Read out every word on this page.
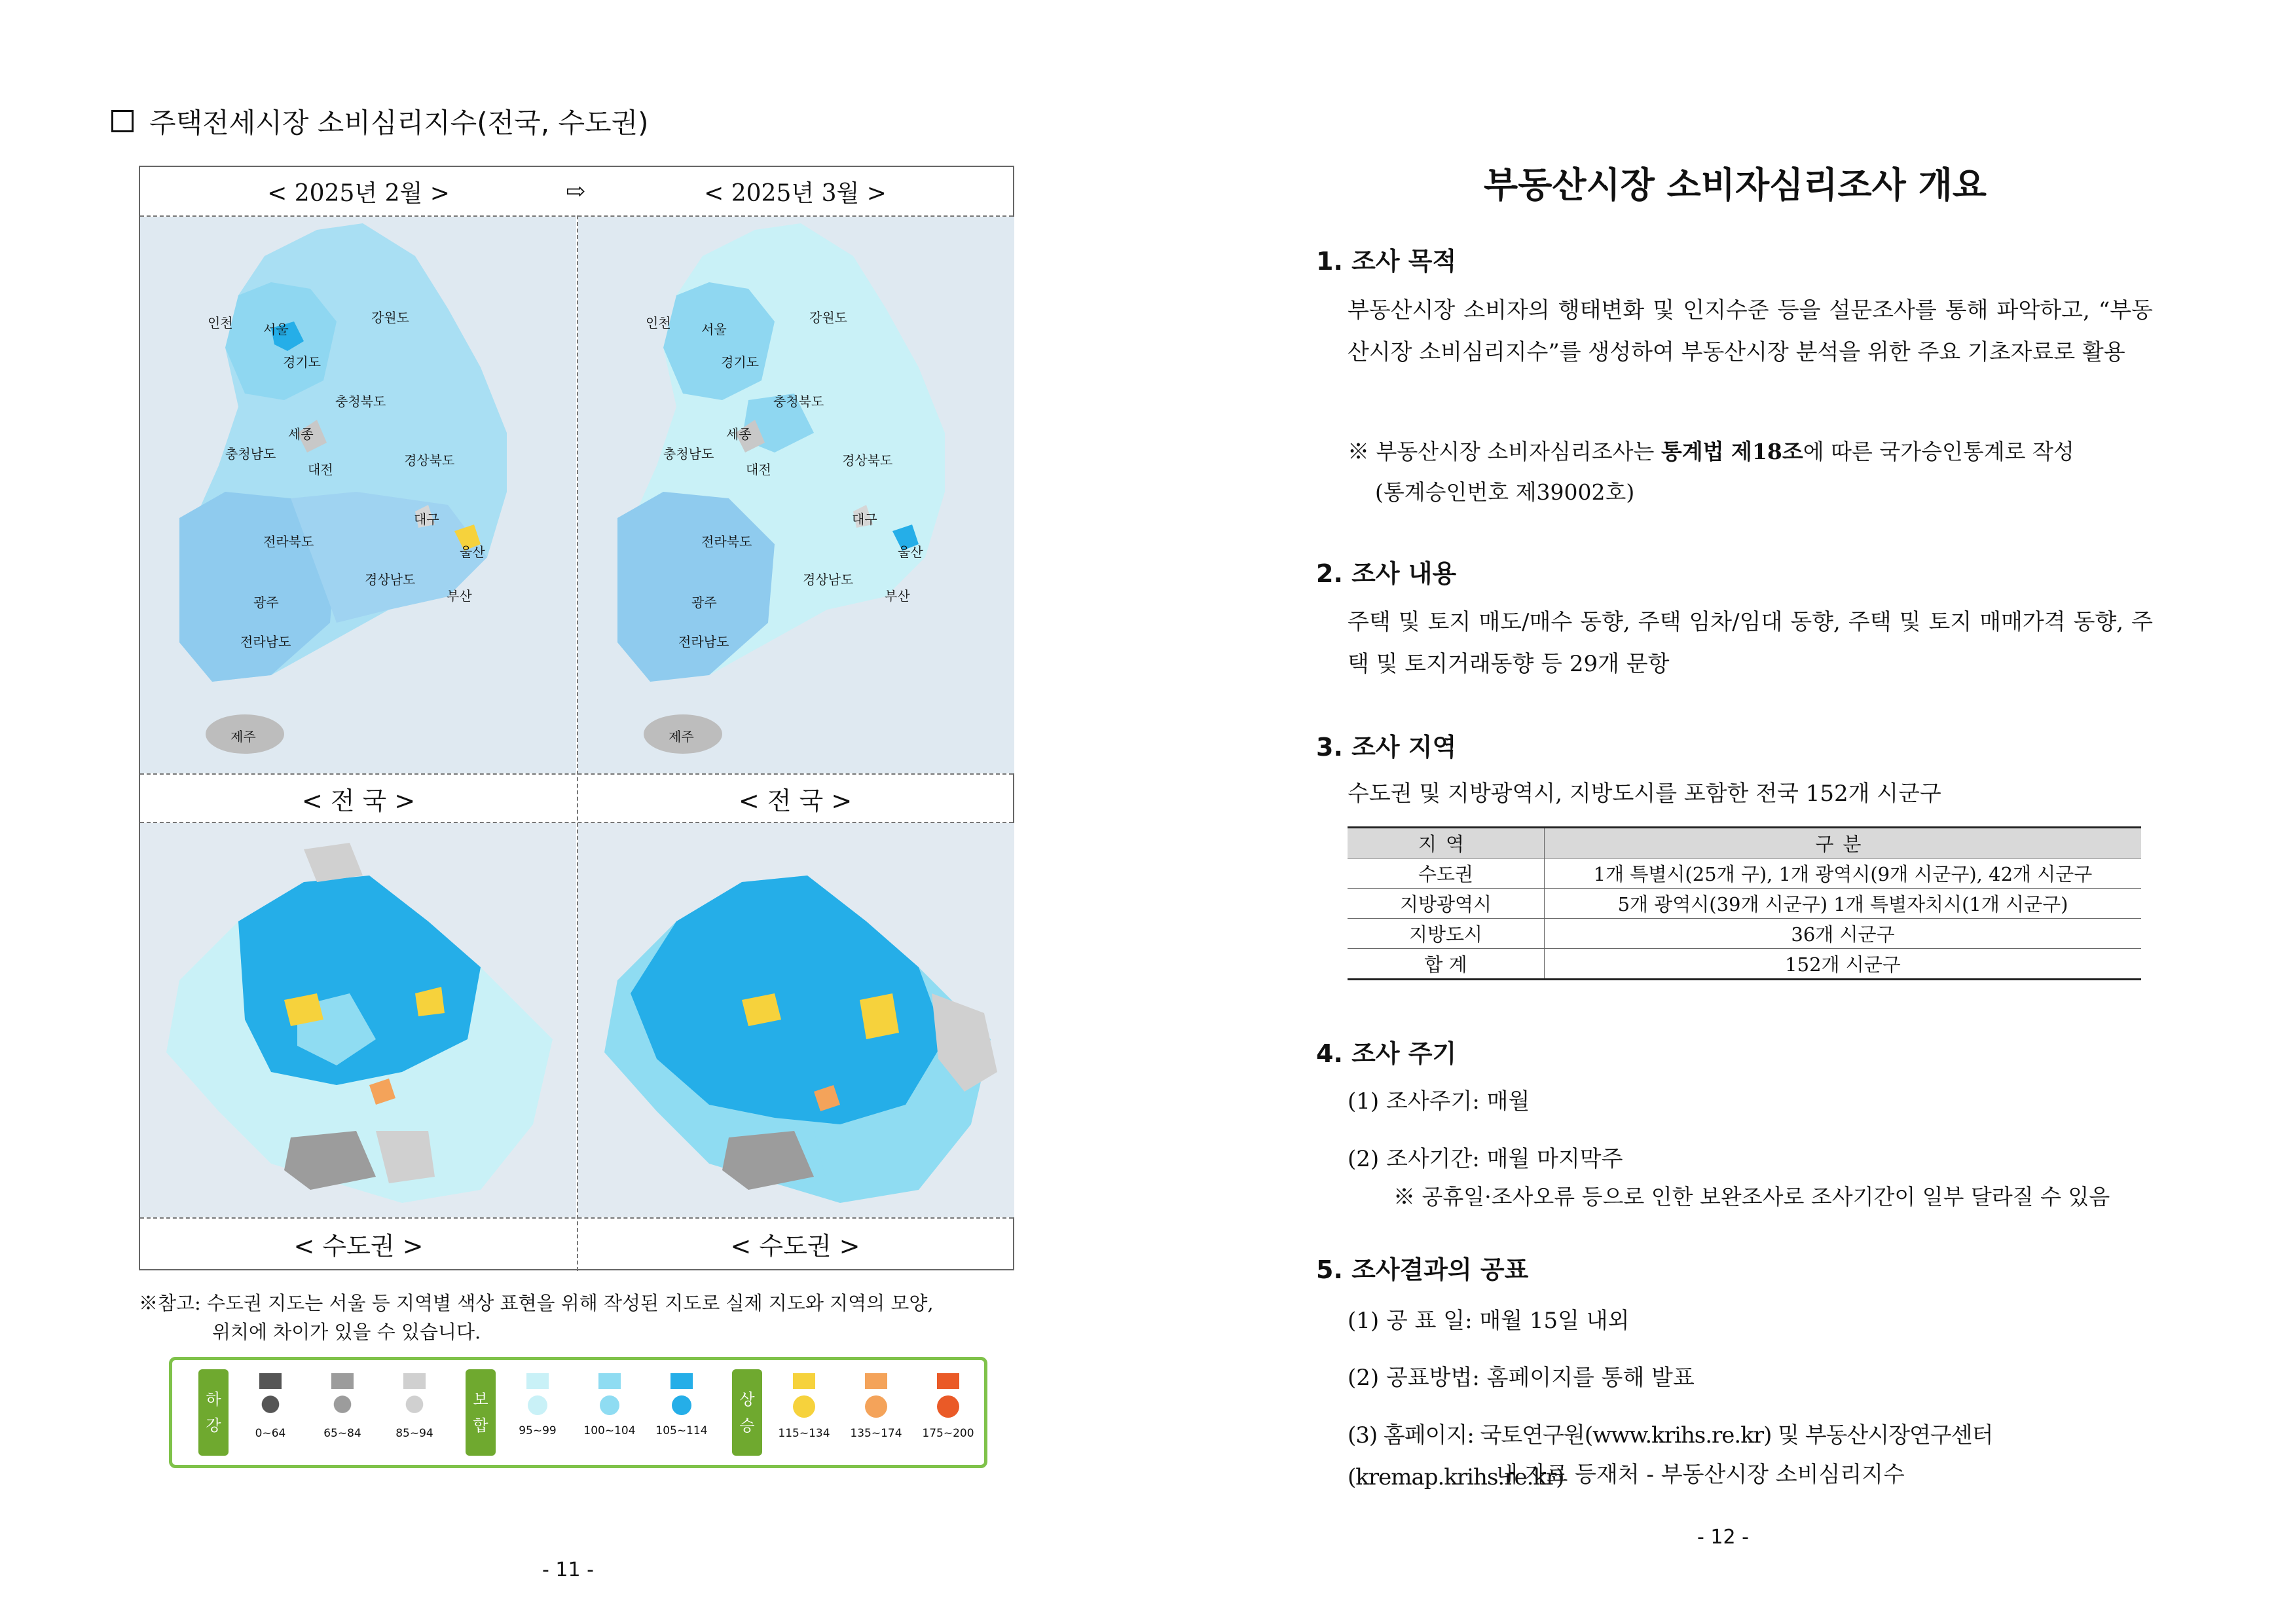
주택전세시장 소비심리지수(전국, 수도권)
< 2025년 2월 >	⇨	< 2025년 3월 >
< 전 국 >	< 전 국 >
< 수도권 >	< 수도권 >
인천 서울
강원도
경기도
충청북도
세종
충청남도
대전
경상북도
대구
전라북도
울산
경상남도
부산
광주
전라남도
제주
인천 서울
강원도
경기도
충청북도
세종
충청남도
대전
경상북도
대구
전라북도
울산
경상남도
부산
광주
전라남도
제주
※참고: 수도권 지도는 서울 등 지역별 색상 표현을 위해 작성된 지도로 실제 지도와 지역의 모양,
위치에 차이가 있을 수 있습니다.
하
강
보
합
상
승
0~64	65~84	85~94	95~99	100~104 105~114	115~134 135~174 175~200
- 11 -
부동산시장 소비자심리조사 개요
1. 조사 목적
부동산시장 소비자의 행태변화 및 인지수준 등을 설문조사를 통해 파악하고, “부동산시장 소비심리지수”를 생성하여 부동산시장 분석을 위한 주요 기초자료로 활용
※ 부동산시장 소비자심리조사는 통계법 제18조에 따른 국가승인통계로 작성
(통계승인번호 제39002호)
2. 조사 내용
주택 및 토지 매도/매수 동향, 주택 임차/임대 동향, 주택 및 토지 매매가격 동향, 주택 및 토지거래동향 등 29개 문항
3. 조사 지역
수도권 및 지방광역시, 지방도시를 포함한 전국 152개 시군구
지역	구분
수도권	1개 특별시(25개 구), 1개 광역시(9개 시군구), 42개 시군구
지방광역시	5개 광역시(39개 시군구) 1개 특별자치시(1개 시군구)
지방도시	36개 시군구
합 계	152개 시군구
4. 조사 주기
(1) 조사주기: 매월
(2) 조사기간: 매월 마지막주
※ 공휴일·조사오류 등으로 인한 보완조사로 조사기간이 일부 달라질 수 있음
5. 조사결과의 공표
(1) 공 표 일: 매월 15일 내외
(2) 공표방법: 홈페이지를 통해 발표
(3) 홈페이지: 국토연구원(www.krihs.re.kr) 및 부동산시장연구센터(kremap.krihs.re.kr)
내 자료 등재처 - 부동산시장 소비심리지수
- 12 -
